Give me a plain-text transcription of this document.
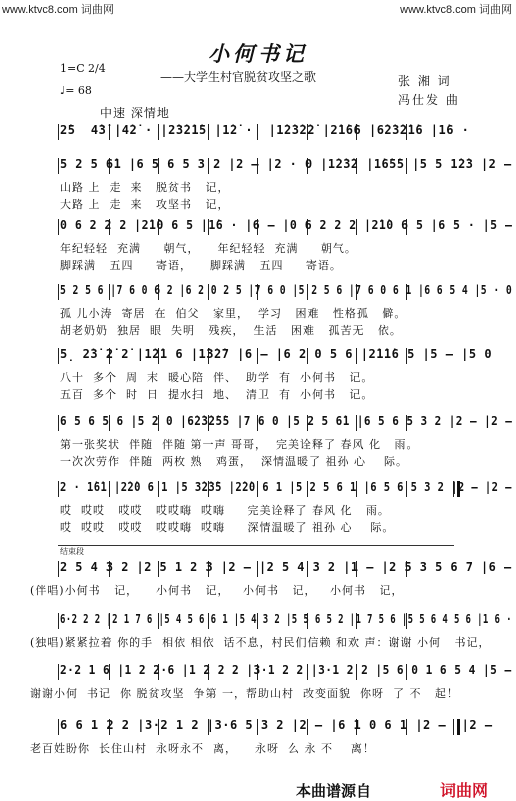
www.ktvc8.com 词曲网	www.ktvc8.com 词曲网
小何书记
——大学生村官脱贫攻坚之歌
1=C 2/4
♩= 68
张 湘 词
冯仕发 曲
中速 深情地
2̇5  4̇3̇ |4̇2̇ · |2̇3̇2̇1̇5 |1̇2̇ ·  |1̇2̇3̇2̇2̇ |2̇1̇6̇6 |6̇2̇3̇2̇1̇6 |1̇6 ·
5 2 5 6̇1 |6 5 6 5 3 2 |2 — |2 · 0 |1̇2̇3̇2 |1̇6̇5̇5 |5 5 1̇2̇3 |2 —
山路 上  走  来   脱贫书   记，
大路 上  走  来   攻坚书   记，
0 6 2 2 2 |2̇1̇0 6 5 |1̇6 · |6 — |0 6 2 2 2 |2̇1̇0 6 5 |6 5 · |5 —
年纪轻轻  充满     朝气，    年纪轻轻  充满     朝气。
脚踩满   五四     寄语，    脚踩满   五四     寄语。
5 2 5 6 |7 6 0 6 2 |6 2 0 2 5 |7 6 0 |5 2 5 6 |7 6 0 6 1 |6 6 5 4 |5 · 0
孤 儿小涛  寄居  在  伯父   家里，  学习   困难   性格孤   僻。
胡老奶奶  独居  眼  失明   残疾，  生活   困难   孤苦无   依。
5̣ 2̇3̇ 2̇ 2̇ |1̇2̇1 6 |1̇3̇2̇7 |6 — |6 2 0 5 6 |2̇1̇1̇6 5 |5 — |5 0
八十  多个  周  末  暖心陪  伴、  助学  有  小何书   记。
五百  多个  时  日  提水扫  地、  清卫  有  小何书   记。
6 5 6 5 6 |5 2 0 |6̇2̇3̇2̇5̇5 |7 6 0 |5 2 5 6̇1 |6 5 6 5 3 2 |2 — |2 —
第一张奖状  伴随  伴随 第一声 哥哥，  完美诠释了 春风 化   雨。
一次次劳作  伴随  两枚 熟   鸡蛋，  深情温暖了 祖孙 心    际。
2 · 1̇6̇1 |2̇2̇0 6 1 |5 3̇2̇3̇5 |2̇2̇0 6 1 |5 2 5 6 1 |6 5 6 5 3 2 |2 — |2 —
哎  哎哎   哎哎   哎哎嗨  哎嗨     完美诠释了 春风 化   雨。
哎  哎哎   哎哎   哎哎嗨  哎嗨     深情温暖了 祖孙 心    际。
2 5 4 3 2 |2 5 1 2 3 |2 — |2 5 4 3 2 |1 — |2 5 3 5 6 7 |6 —
(伴唱)小何书   记，    小何书   记，   小何书   记，   小何书   记，
6·2 2 2 |2 1 7 6 |5 4 5 6 6 1 |5 4 3 2 |5 5 6 5 2 |1 7 5 6 |5 5 6 4 5 6 |1 6 ·
(独唱)紧紧拉着 你的手  相依 相依  话不息，村民们信赖 和欢 声：谢谢 小何   书记，
2·2 1 6 |1 2 2·6 |1 2 2 2 |3·1 2 2 |3·1 2 2 |5 6 0 1 6 5 4 |5 —
谢谢小何  书记  你 脱贫攻坚  争第 一，帮助山村  改变面貌  你呀  了 不   起！
6 6 1 2 2 |3·2 1 2 |3·6 5 3 2 |2 — |6 1 0 6 1 |2 —  |2 —
老百姓盼你  长住山村  永呀永不  离，    永呀  么 永 不    离！
结束段
本曲谱源自	词曲网
